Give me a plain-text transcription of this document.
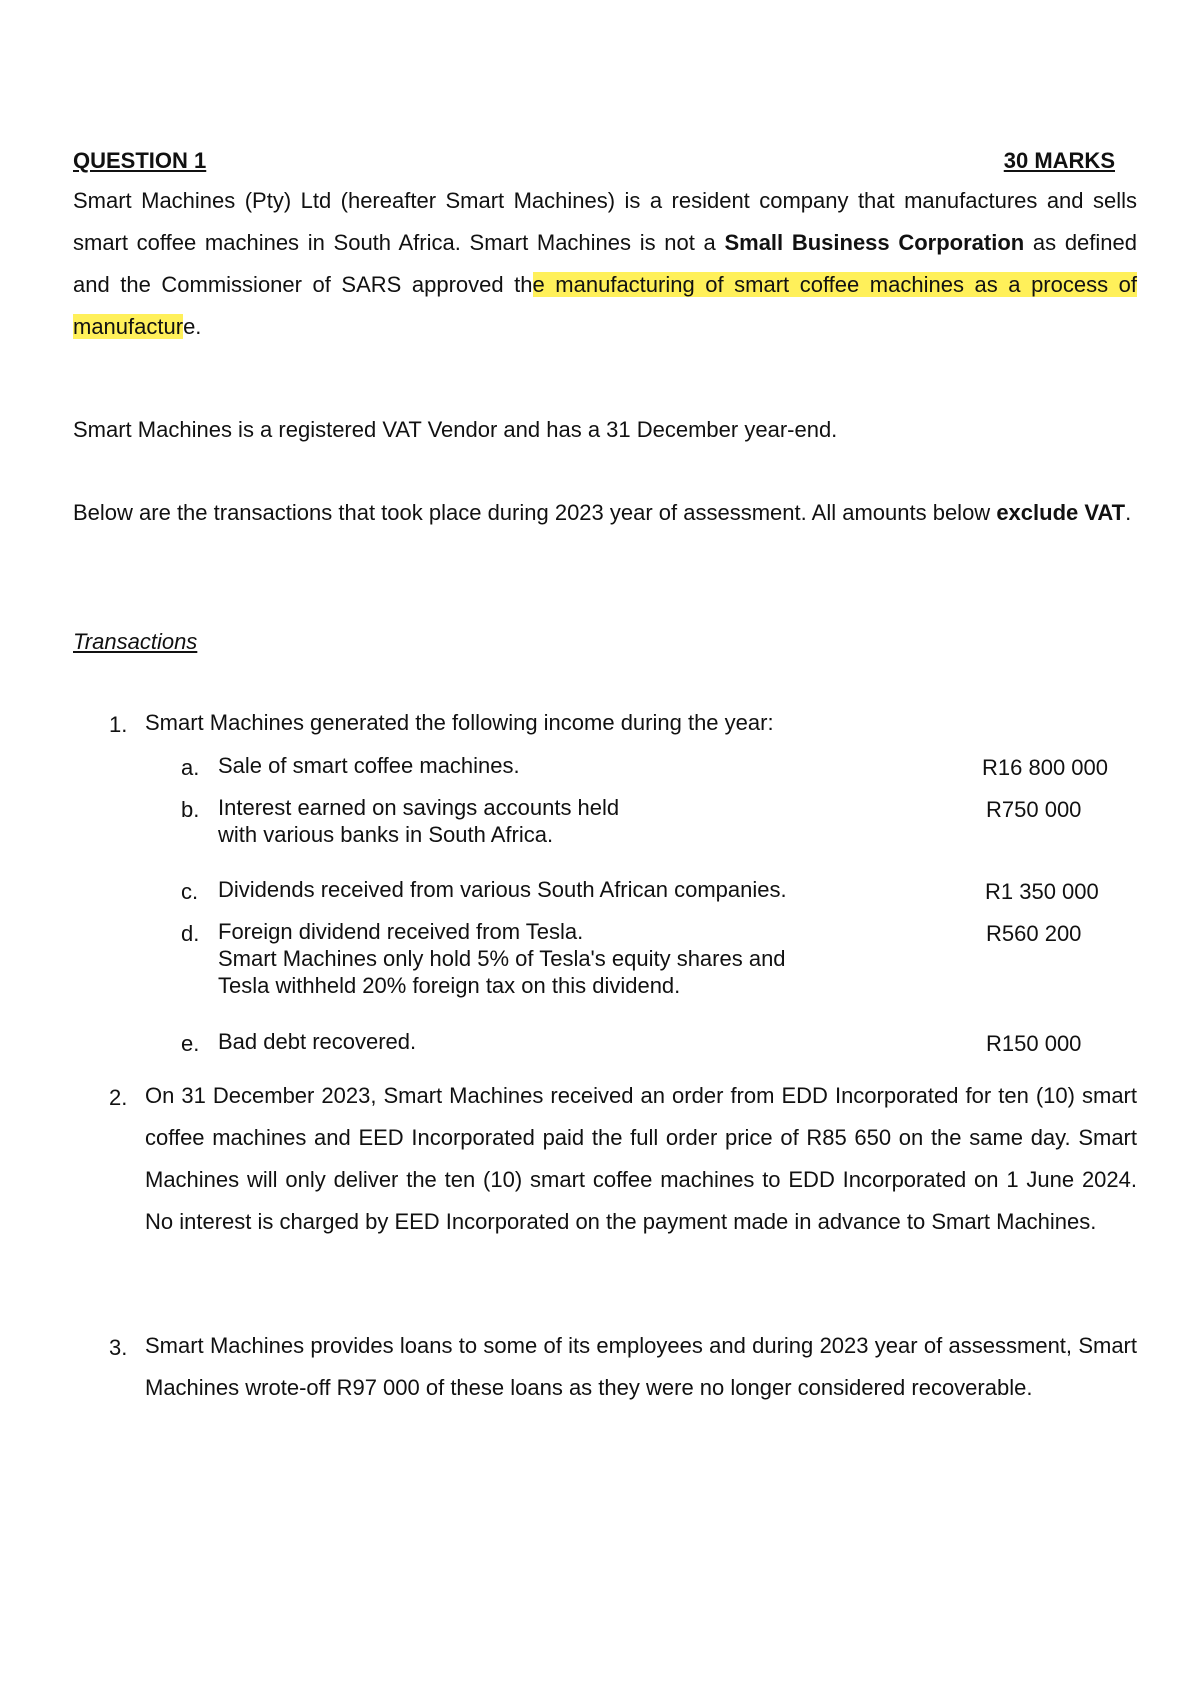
QUESTION 1	30 MARKS
Smart Machines (Pty) Ltd (hereafter Smart Machines) is a resident company that manufactures and sells smart coffee machines in South Africa. Smart Machines is not a Small Business Corporation as defined and the Commissioner of SARS approved the manufacturing of smart coffee machines as a process of manufacture.
Smart Machines is a registered VAT Vendor and has a 31 December year-end.
Below are the transactions that took place during 2023 year of assessment. All amounts below exclude VAT.
Transactions
1. Smart Machines generated the following income during the year:
a. Sale of smart coffee machines.	R16 800 000
b. Interest earned on savings accounts held
with various banks in South Africa.
R750 000
c. Dividends received from various South African companies.	R1 350 000
d. Foreign dividend received from Tesla.
Smart Machines only hold 5% of Tesla's equity shares and
Tesla withheld 20% foreign tax on this dividend.
R560 200
e. Bad debt recovered.	R150 000
2. On 31 December 2023, Smart Machines received an order from EDD Incorporated for ten (10) smart coffee machines and EED Incorporated paid the full order price of R85 650 on the same day. Smart Machines will only deliver the ten (10) smart coffee machines to EDD Incorporated on 1 June 2024. No interest is charged by EED Incorporated on the payment made in advance to Smart Machines.
3. Smart Machines provides loans to some of its employees and during 2023 year of assessment, Smart Machines wrote-off R97 000 of these loans as they were no longer considered recoverable.
